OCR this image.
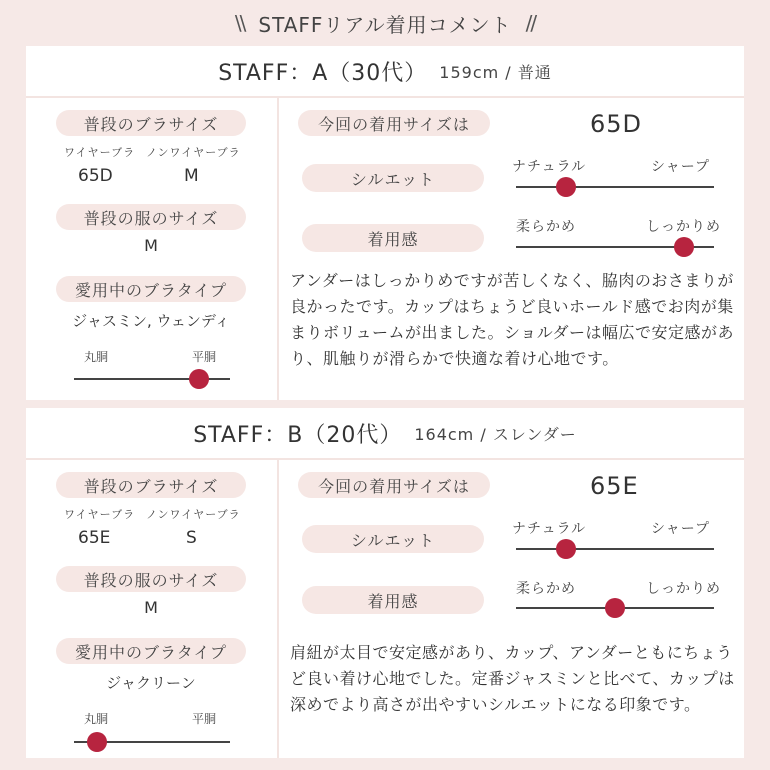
\\ STAFFリアル着用コメント //
STAFF：A（30代） 159cm / 普通
普段のブラサイズ
ワイヤーブラ ノンワイヤーブラ
65D	M
普段の服のサイズ
M
愛用中のブラタイプ
ジャスミン, ウェンディ
丸胴	平胴
今回の着用サイズは	65D
シルエット
ナチュラル	シャープ
着用感
柔らかめ	しっかりめ
アンダーはしっかりめですが苦しくなく、脇肉のおさまりが良かったです。カップはちょうど良いホールド感でお肉が集まりボリュームが出ました。ショルダーは幅広で安定感があり、肌触りが滑らかで快適な着け心地です。
STAFF：B（20代） 164cm / スレンダー
普段のブラサイズ
ワイヤーブラ ノンワイヤーブラ
65E	S
普段の服のサイズ
M
愛用中のブラタイプ
ジャクリーン
丸胴	平胴
今回の着用サイズは	65E
シルエット
ナチュラル	シャープ
着用感
柔らかめ	しっかりめ
肩紐が太目で安定感があり、カップ、アンダーともにちょうど良い着け心地でした。定番ジャスミンと比べて、カップは深めでより高さが出やすいシルエットになる印象です。
